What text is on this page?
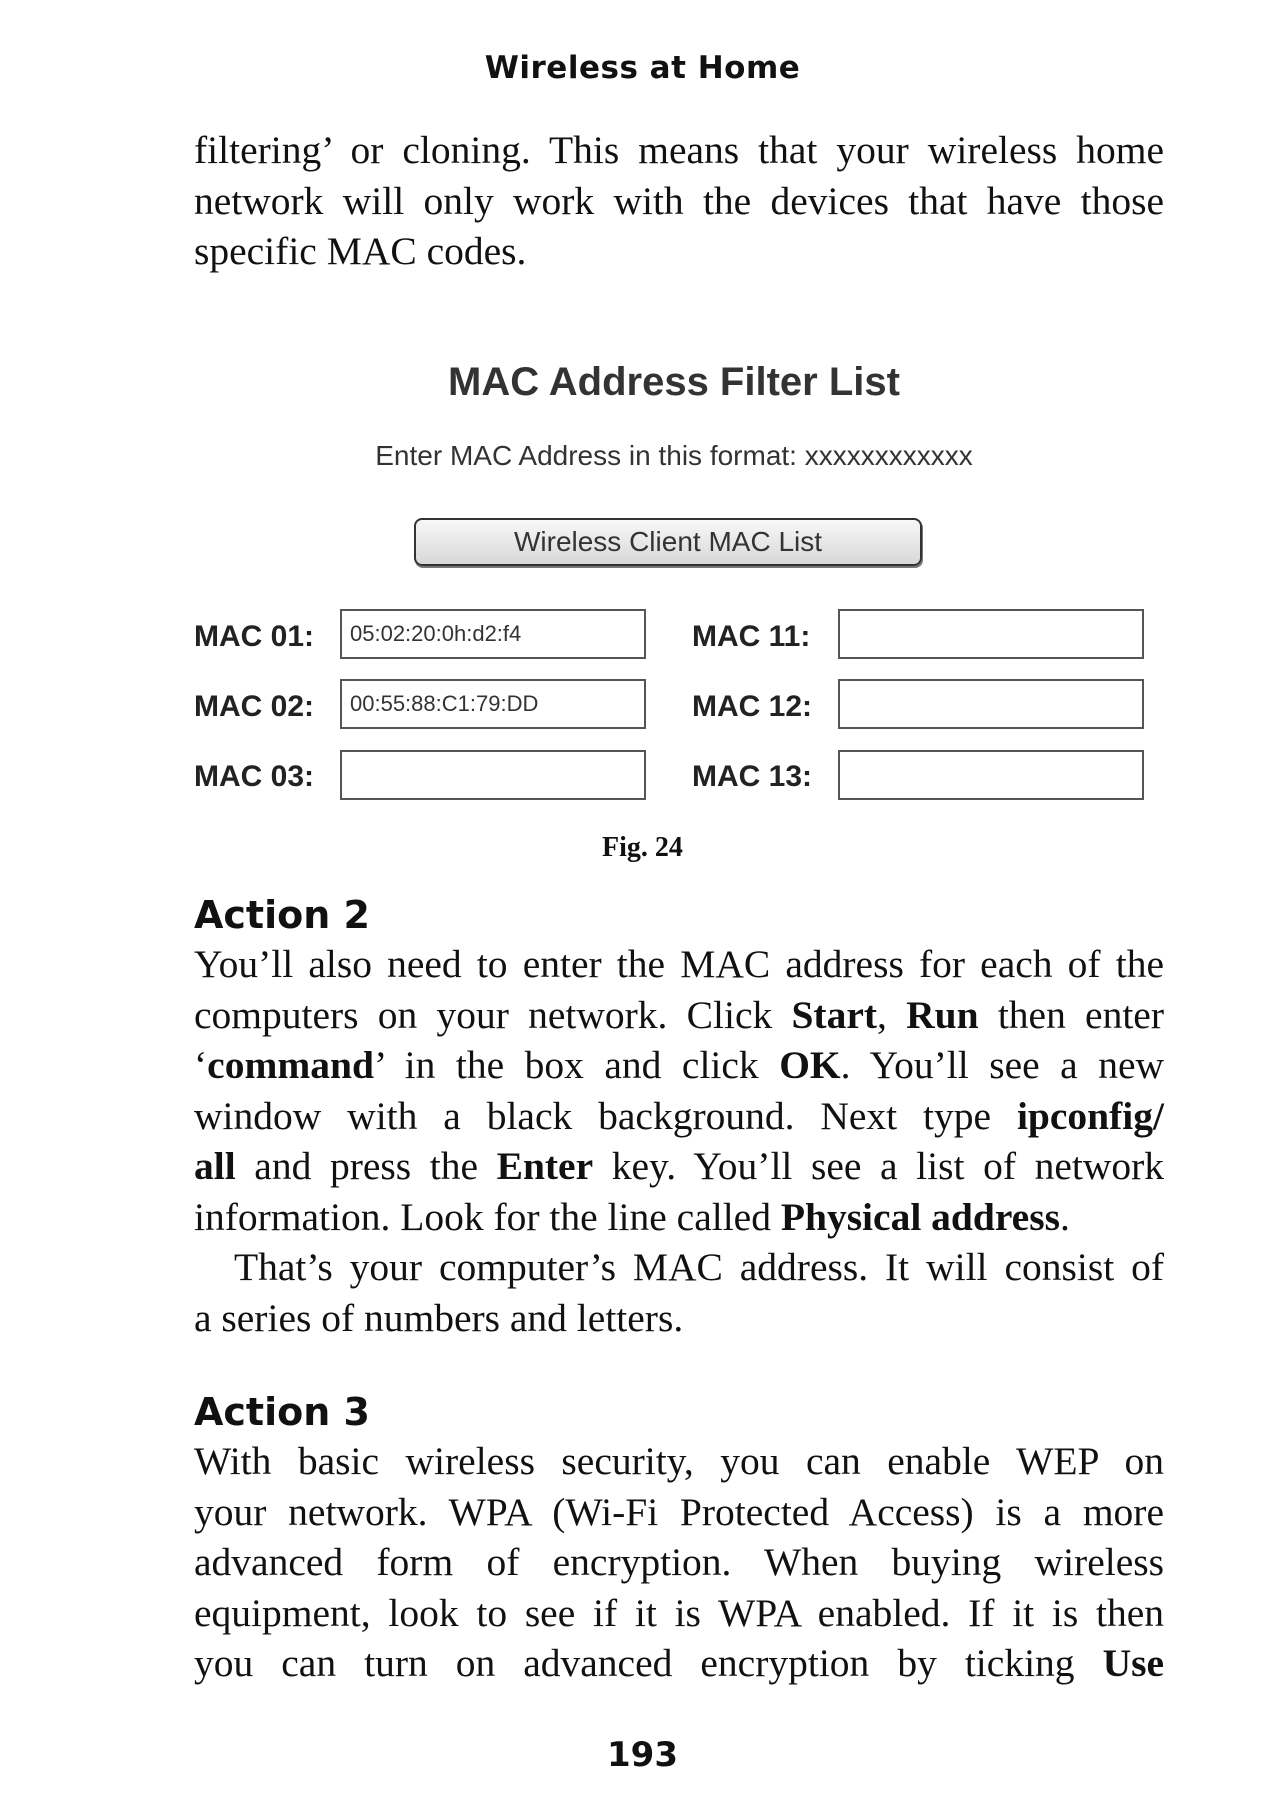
Wireless at Home

filtering’ or cloning. This means that your wireless home
network will only work with the devices that have those
specific MAC codes.

MAC Address Filter List
Enter MAC Address in this format: xxxxxxxxxxxx
Wireless Client MAC List
MAC 01:
05:02:20:0h:d2:f4
MAC 02:
00:55:88:C1:79:DD
MAC 03:
MAC 11:
MAC 12:
MAC 13:
Fig. 24

Action 2

You’ll also need to enter the MAC address for each of the
computers on your network. Click Start, Run then enter
‘command’ in the box and click OK. You’ll see a new
window with a black background. Next type ipconfig/
all and press the Enter key. You’ll see a list of network
information. Look for the line called Physical address.
That’s your computer’s MAC address. It will consist of
a series of numbers and letters.

Action 3

With basic wireless security, you can enable WEP on
your network. WPA (Wi-Fi Protected Access) is a more
advanced form of encryption. When buying wireless
equipment, look to see if it is WPA enabled. If it is then
you can turn on advanced encryption by ticking Use

193
